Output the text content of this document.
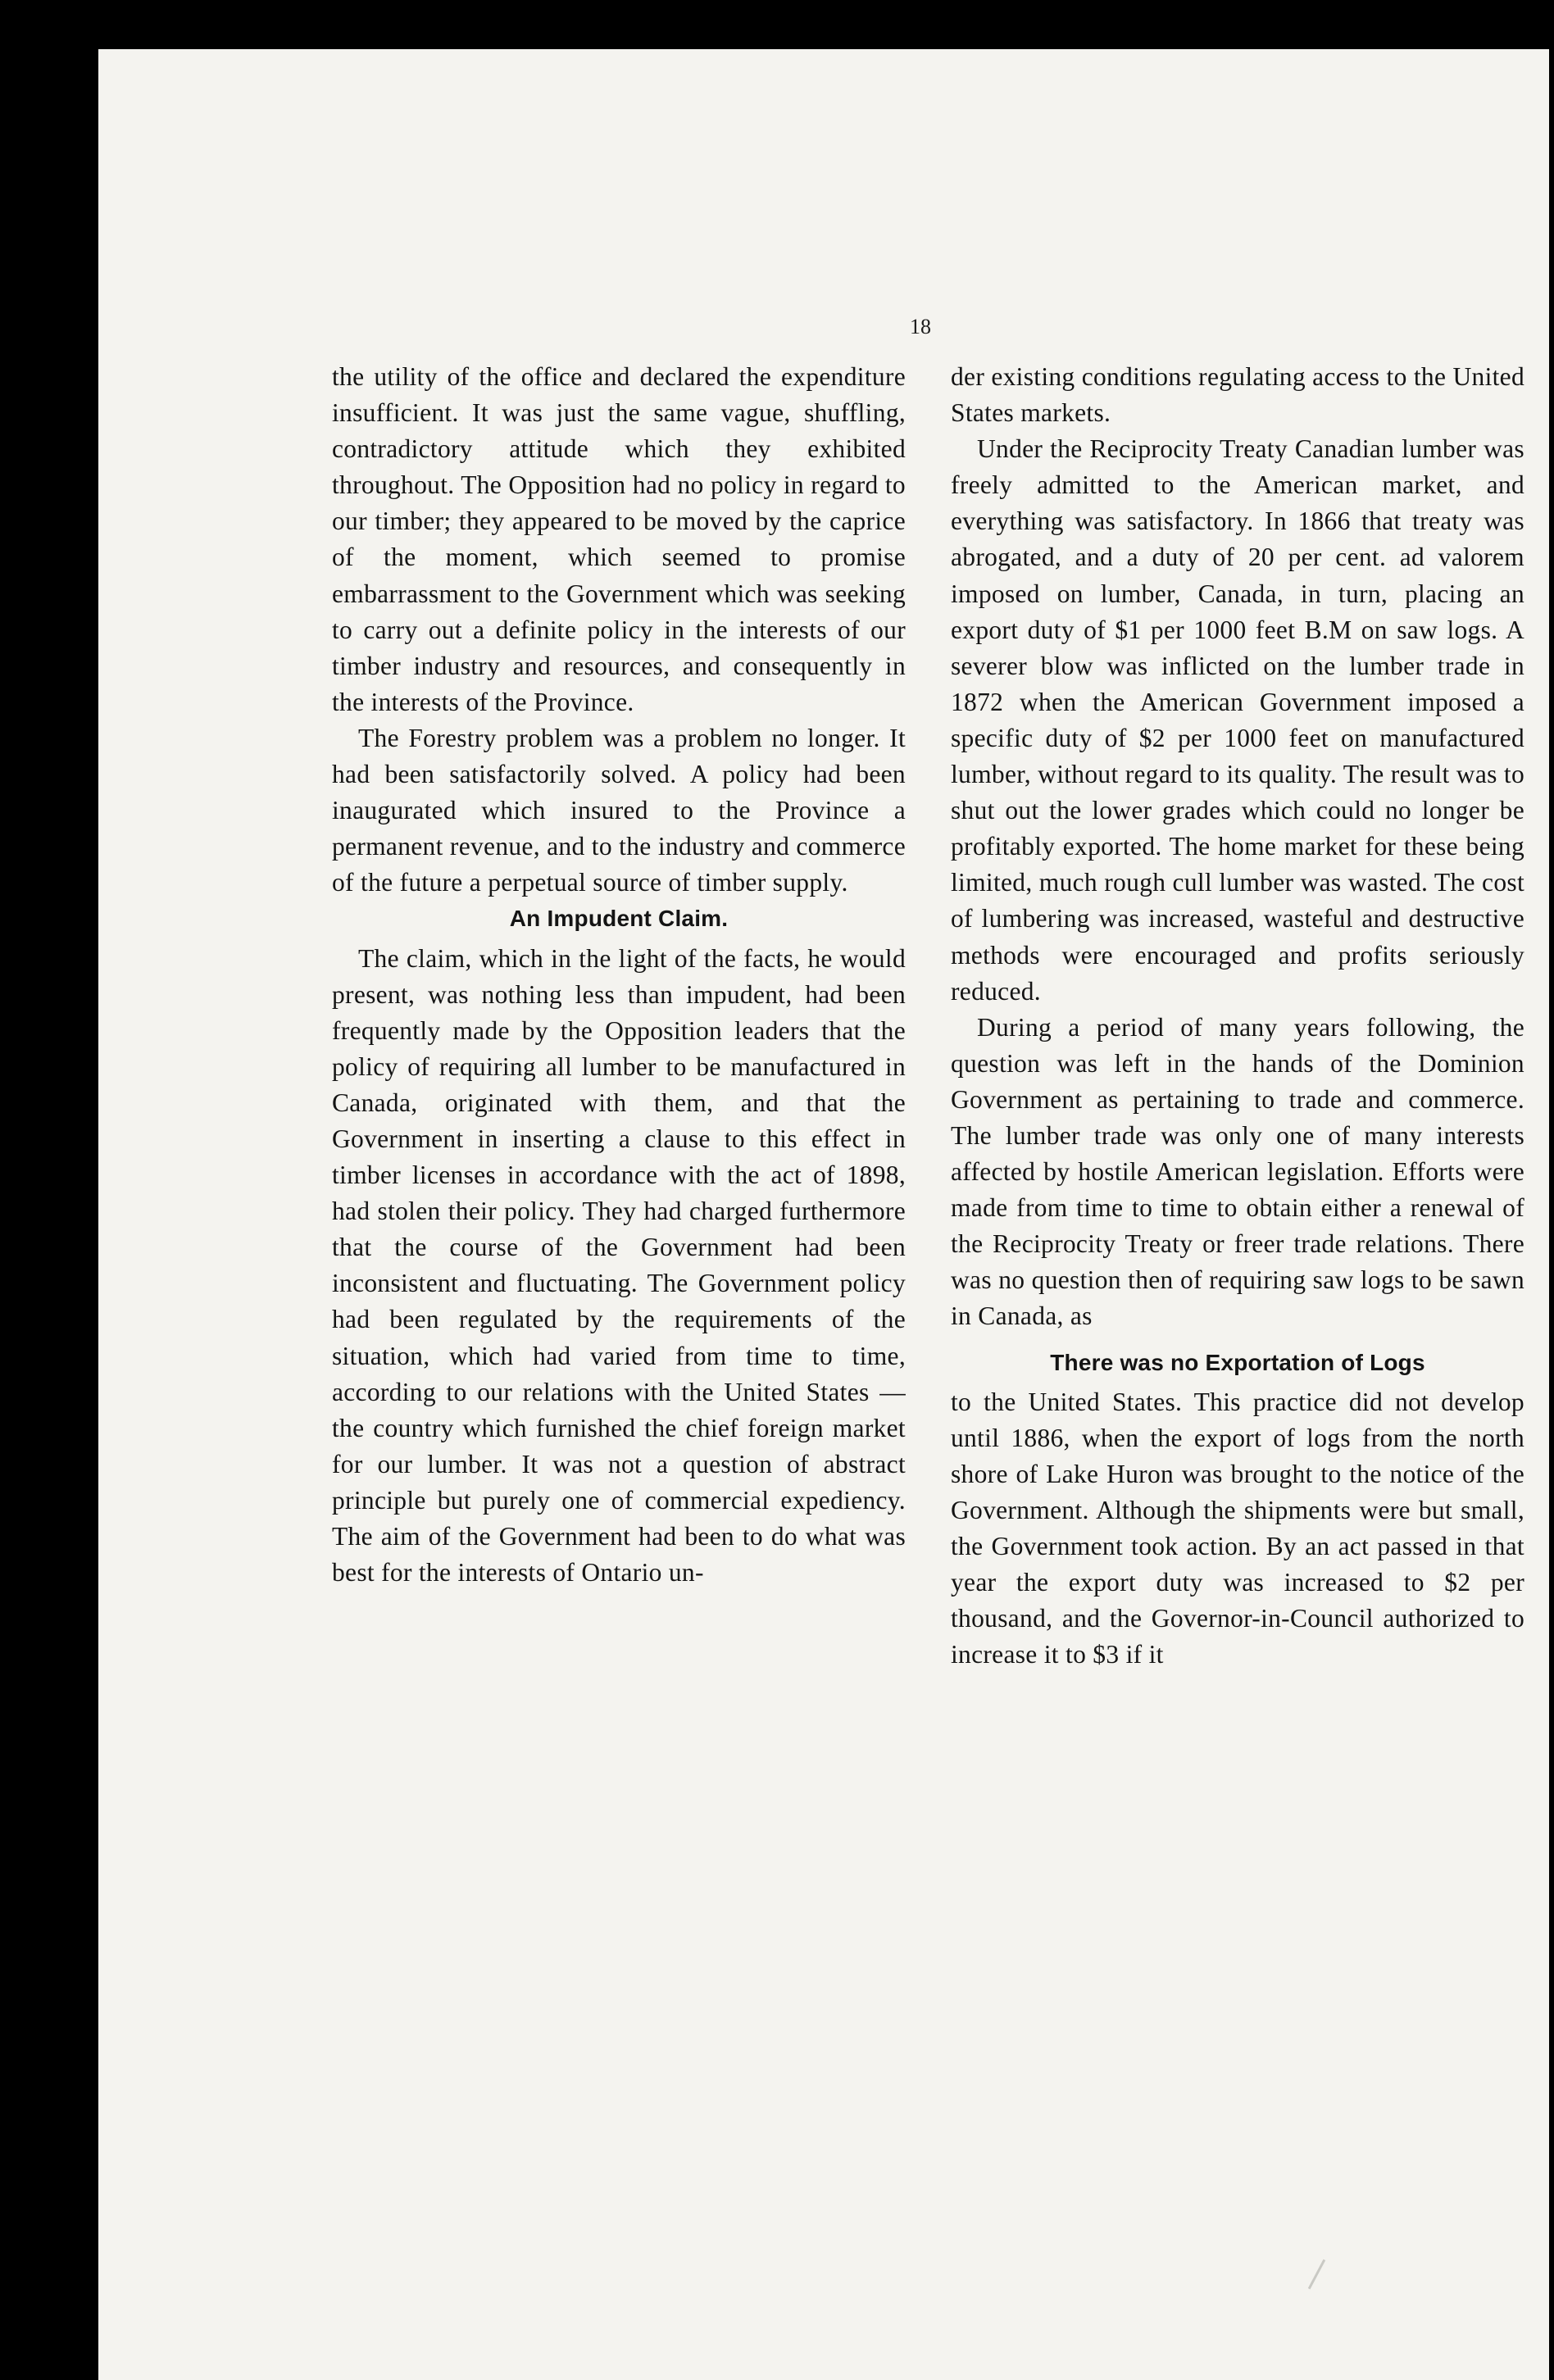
18

the utility of the office and declared the expenditure insufficient. It was just the same vague, shuffling, contradictory attitude which they exhibited throughout. The Opposition had no policy in regard to our timber; they appeared to be moved by the caprice of the moment, which seemed to promise embarrassment to the Government which was seeking to carry out a definite policy in the interests of our timber industry and resources, and consequently in the interests of the Province.

The Forestry problem was a problem no longer. It had been satisfactorily solved. A policy had been inaugurated which insured to the Province a permanent revenue, and to the industry and commerce of the future a perpetual source of timber supply.

An Impudent Claim.

The claim, which in the light of the facts, he would present, was nothing less than impudent, had been frequently made by the Opposition leaders that the policy of requiring all lumber to be manufactured in Canada, originated with them, and that the Government in inserting a clause to this effect in timber licenses in accordance with the act of 1898, had stolen their policy. They had charged furthermore that the course of the Government had been inconsistent and fluctuating. The Government policy had been regulated by the requirements of the situation, which had varied from time to time, according to our relations with the United States — the country which furnished the chief foreign market for our lumber. It was not a question of abstract principle but purely one of commercial expediency. The aim of the Government had been to do what was best for the interests of Ontario un-

der existing conditions regulating access to the United States markets.

Under the Reciprocity Treaty Canadian lumber was freely admitted to the American market, and everything was satisfactory. In 1866 that treaty was abrogated, and a duty of 20 per cent. ad valorem imposed on lumber, Canada, in turn, placing an export duty of $1 per 1000 feet B.M on saw logs. A severer blow was inflicted on the lumber trade in 1872 when the American Government imposed a specific duty of $2 per 1000 feet on manufactured lumber, without regard to its quality. The result was to shut out the lower grades which could no longer be profitably exported. The home market for these being limited, much rough cull lumber was wasted. The cost of lumbering was increased, wasteful and destructive methods were encouraged and profits seriously reduced.

During a period of many years following, the question was left in the hands of the Dominion Government as pertaining to trade and commerce. The lumber trade was only one of many interests affected by hostile American legislation. Efforts were made from time to time to obtain either a renewal of the Reciprocity Treaty or freer trade relations. There was no question then of requiring saw logs to be sawn in Canada, as

There was no Exportation of Logs

to the United States. This practice did not develop until 1886, when the export of logs from the north shore of Lake Huron was brought to the notice of the Government. Although the shipments were but small, the Government took action. By an act passed in that year the export duty was increased to $2 per thousand, and the Governor-in-Council authorized to increase it to $3 if it
